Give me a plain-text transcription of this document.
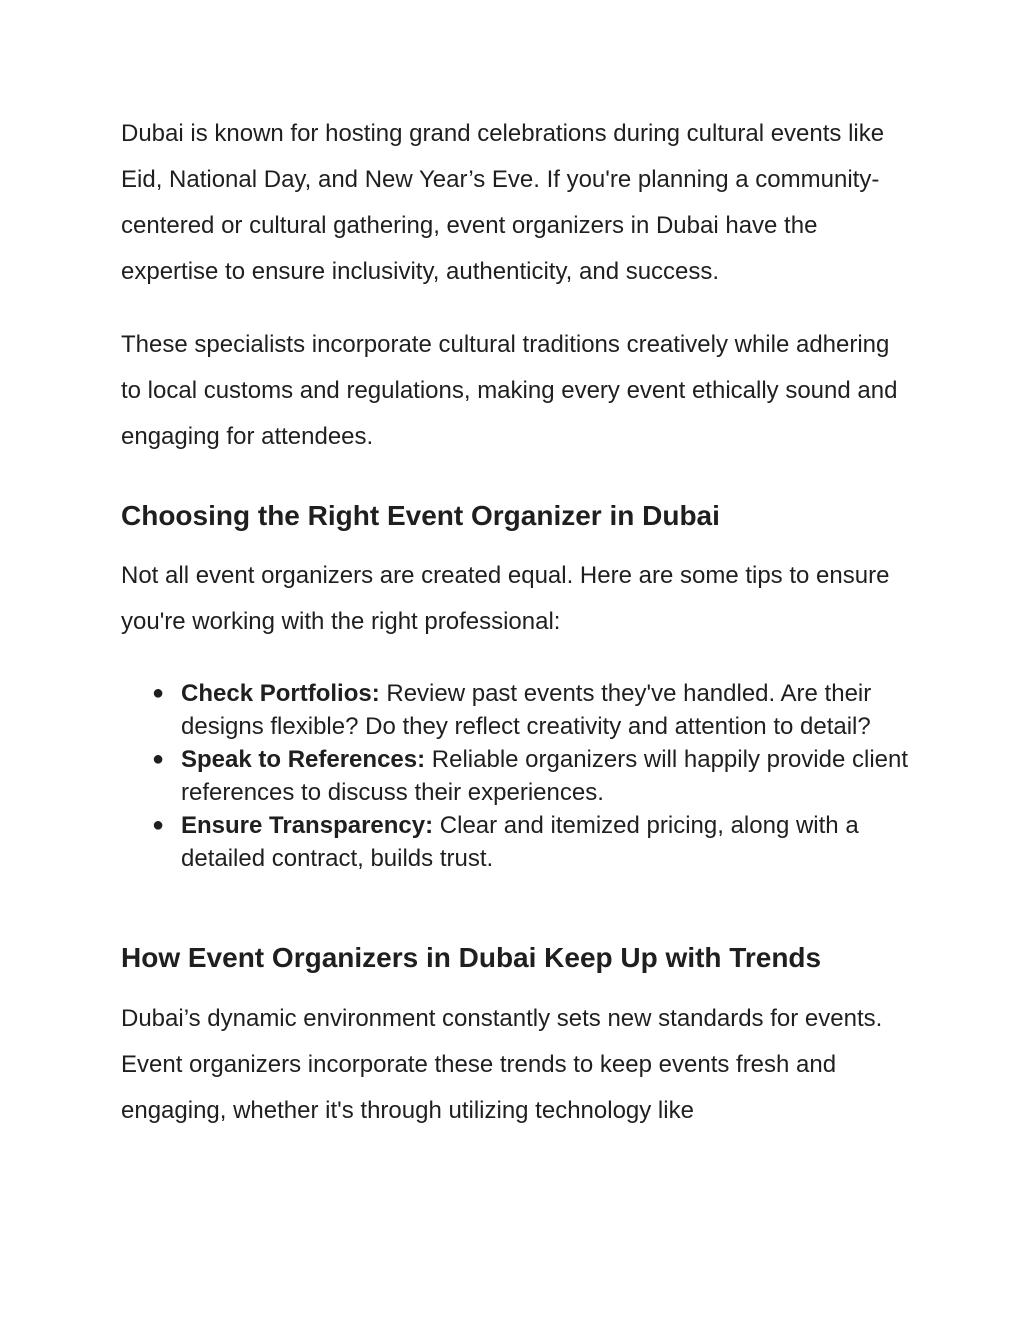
Dubai is known for hosting grand celebrations during cultural events like Eid, National Day, and New Year’s Eve. If you're planning a community-centered or cultural gathering, event organizers in Dubai have the expertise to ensure inclusivity, authenticity, and success.

These specialists incorporate cultural traditions creatively while adhering to local customs and regulations, making every event ethically sound and engaging for attendees.

Choosing the Right Event Organizer in Dubai

Not all event organizers are created equal. Here are some tips to ensure you're working with the right professional:

● Check Portfolios: Review past events they've handled. Are their designs flexible? Do they reflect creativity and attention to detail?
● Speak to References: Reliable organizers will happily provide client references to discuss their experiences.
● Ensure Transparency: Clear and itemized pricing, along with a detailed contract, builds trust.
How Event Organizers in Dubai Keep Up with Trends

Dubai’s dynamic environment constantly sets new standards for events. Event organizers incorporate these trends to keep events fresh and engaging, whether it's through utilizing technology like
